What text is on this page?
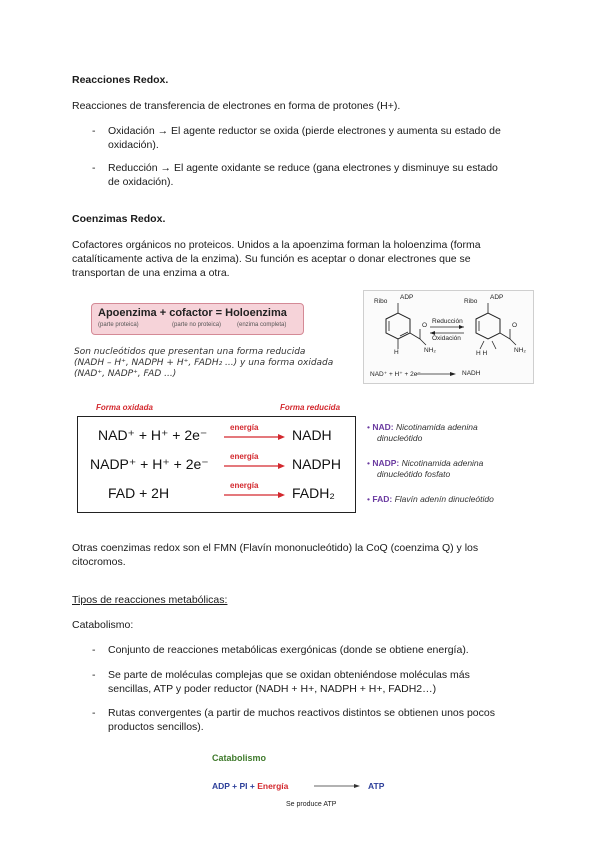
Reacciones Redox.
Reacciones de transferencia de electrones en forma de protones (H+).
- Oxidación → El agente reductor se oxida (pierde electrones y aumenta su estado de
oxidación).
- Reducción → El agente oxidante se reduce (gana electrones y disminuye su estado
de oxidación).
Coenzimas Redox.
Cofactores orgánicos no proteicos. Unidos a la apoenzima forman la holoenzima (forma
catalíticamente activa de la enzima). Su función es aceptar o donar electrones que se
transportan de una enzima a otra.
Apoenzima + cofactor = Holoenzima
(parte proteica)	(parte no proteica)	(enzima completa)
Son nucleótidos que presentan una forma reducida
(NADH – H⁺, NADPH + H⁺, FADH₂ ...) y una forma oxidada
(NAD⁺, NADP⁺, FAD ...)
Ribo
ADP
Ribo
ADP
Reducción
Oxidación
H
O
NH₂	H H
O
NH₂
NAD⁺ + H⁺ + 2e⁻	NADH
Forma oxidada	Forma reducida
NAD⁺ + H⁺ + 2e⁻	NADH
NADP⁺ + H⁺ + 2e⁻	NADPH
FAD + 2H	FADH₂
energía
energía
energía
• NAD: Nicotinamida adenina
dinucleótido
• NADP: Nicotinamida adenina
dinucleótido fosfato
• FAD: Flavín adenín dinucleótido
Otras coenzimas redox son el FMN (Flavín mononucleótido) la CoQ (coenzima Q) y los
citocromos.
Tipos de reacciones metabólicas:
Catabolismo:
- Conjunto de reacciones metabólicas exergónicas (donde se obtiene energía).
- Se parte de moléculas complejas que se oxidan obteniéndose moléculas más
sencillas, ATP y poder reductor (NADH + H+, NADPH + H+, FADH2…)
- Rutas convergentes (a partir de muchos reactivos distintos se obtienen unos pocos
productos sencillos).
Catabolismo
ADP + PI + Energía	ATP
Se produce ATP
